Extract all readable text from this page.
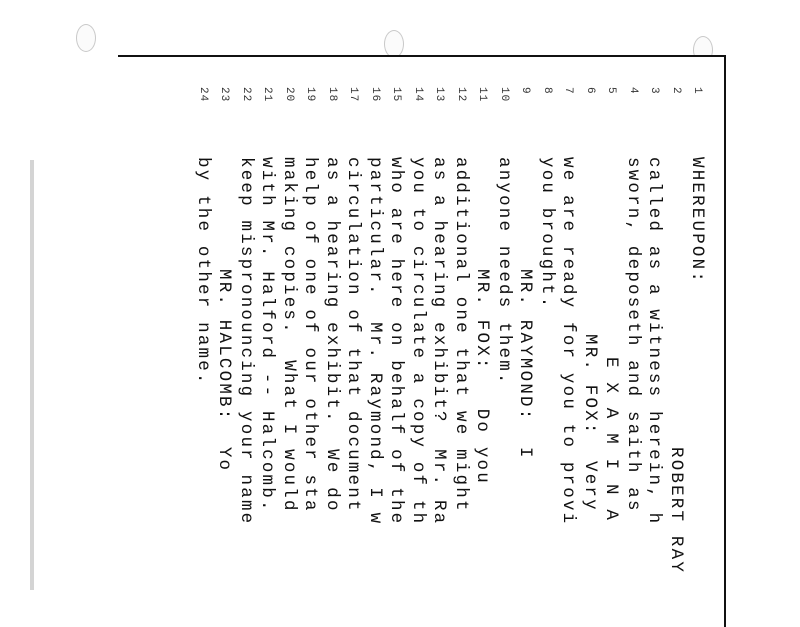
1
WHEREUPON:
2
ROBERT RAY
3
called as a witness herein, h
4
sworn, deposeth and saith as
5
E X A M I N A
6
MR. FOX:  Very
7
we are ready for you to provi
8
you brought.
9
MR. RAYMOND:  I
10
anyone needs them.
11
MR. FOX:   Do you
12
additional one that we might
13
as a hearing exhibit?  Mr. Ra
14
you to circulate a copy of th
15
who are here on behalf of the
16
particular.  Mr. Raymond, I w
17
circulation of that document
18
as a hearing exhibit.  We do
19
help of one of our other sta
20
making copies.  What I would
21
with Mr. Halford -- Halcomb.
22
keep mispronouncing your name
23
MR. HALCOMB:  Yo
24
by the other name.
